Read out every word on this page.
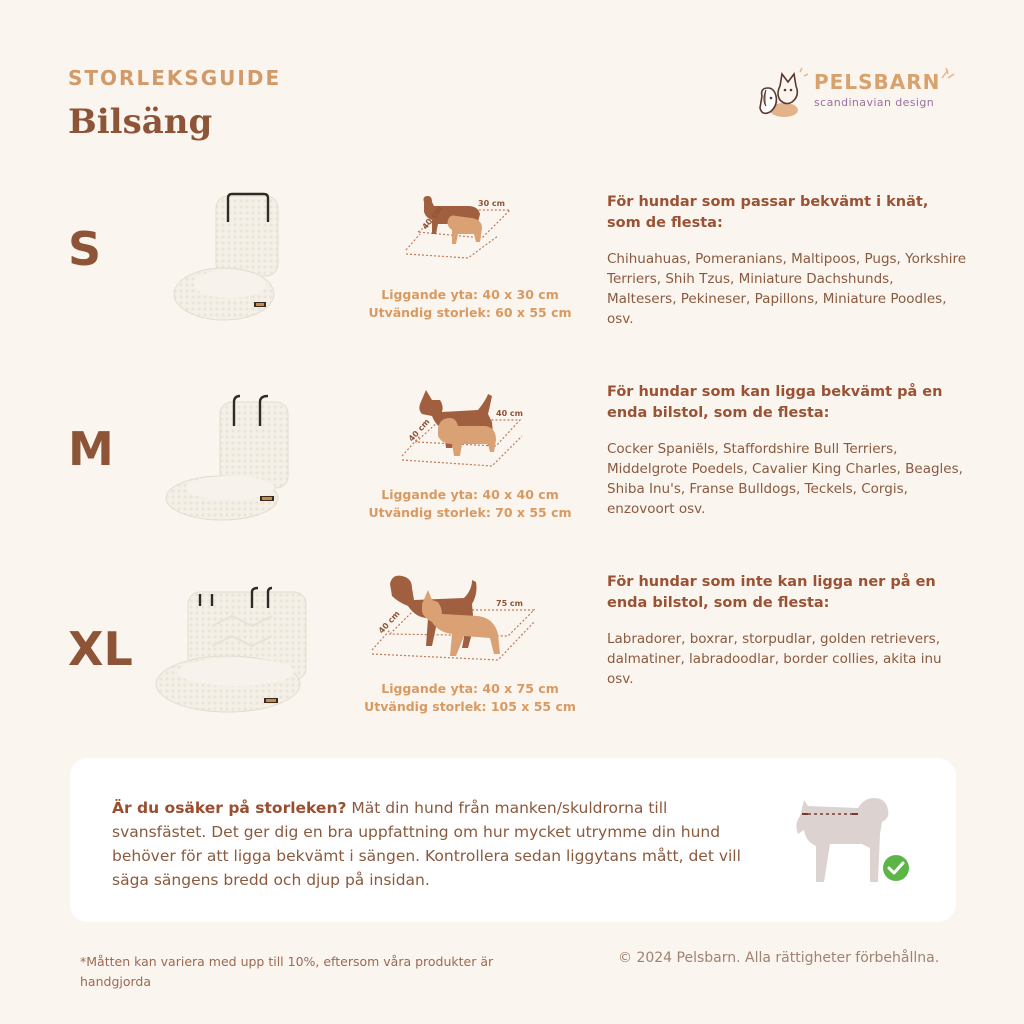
STORLEKSGUIDE
Bilsäng
PELSBARN
scandinavian design
S
40 cm
30 cm
Liggande yta: 40 x 30 cm
Utvändig storlek: 60 x 55 cm

För hundar som passar bekvämt i knät, som de flesta:

Chihuahuas, Pomeranians, Maltipoos, Pugs, Yorkshire Terriers, Shih Tzus, Miniature Dachshunds, Maltesers, Pekineser, Papillons, Miniature Poodles, osv.

M	40 cm
40 cm
Liggande yta: 40 x 40 cm
Utvändig storlek: 70 x 55 cm

För hundar som kan ligga bekvämt på en enda bilstol, som de flesta:

Cocker Spaniëls, Staffordshire Bull Terriers, Middelgrote Poedels, Cavalier King Charles, Beagles, Shiba Inu's, Franse Bulldogs, Teckels, Corgis, enzovoort osv.

XL	40 cm
75 cm
Liggande yta: 40 x 75 cm
Utvändig storlek: 105 x 55 cm

För hundar som inte kan ligga ner på en enda bilstol, som de flesta:

Labradorer, boxrar, storpudlar, golden retrievers, dalmatiner, labradoodlar, border collies, akita inu osv.

Är du osäker på storleken? Mät din hund från manken/skuldrorna till svansfästet. Det ger dig en bra uppfattning om hur mycket utrymme din hund behöver för att ligga bekvämt i sängen. Kontrollera sedan liggytans mått, det vill säga sängens bredd och djup på insidan.
*Måtten kan variera med upp till 10%, eftersom våra produkter är handgjorda
© 2024 Pelsbarn. Alla rättigheter förbehållna.
